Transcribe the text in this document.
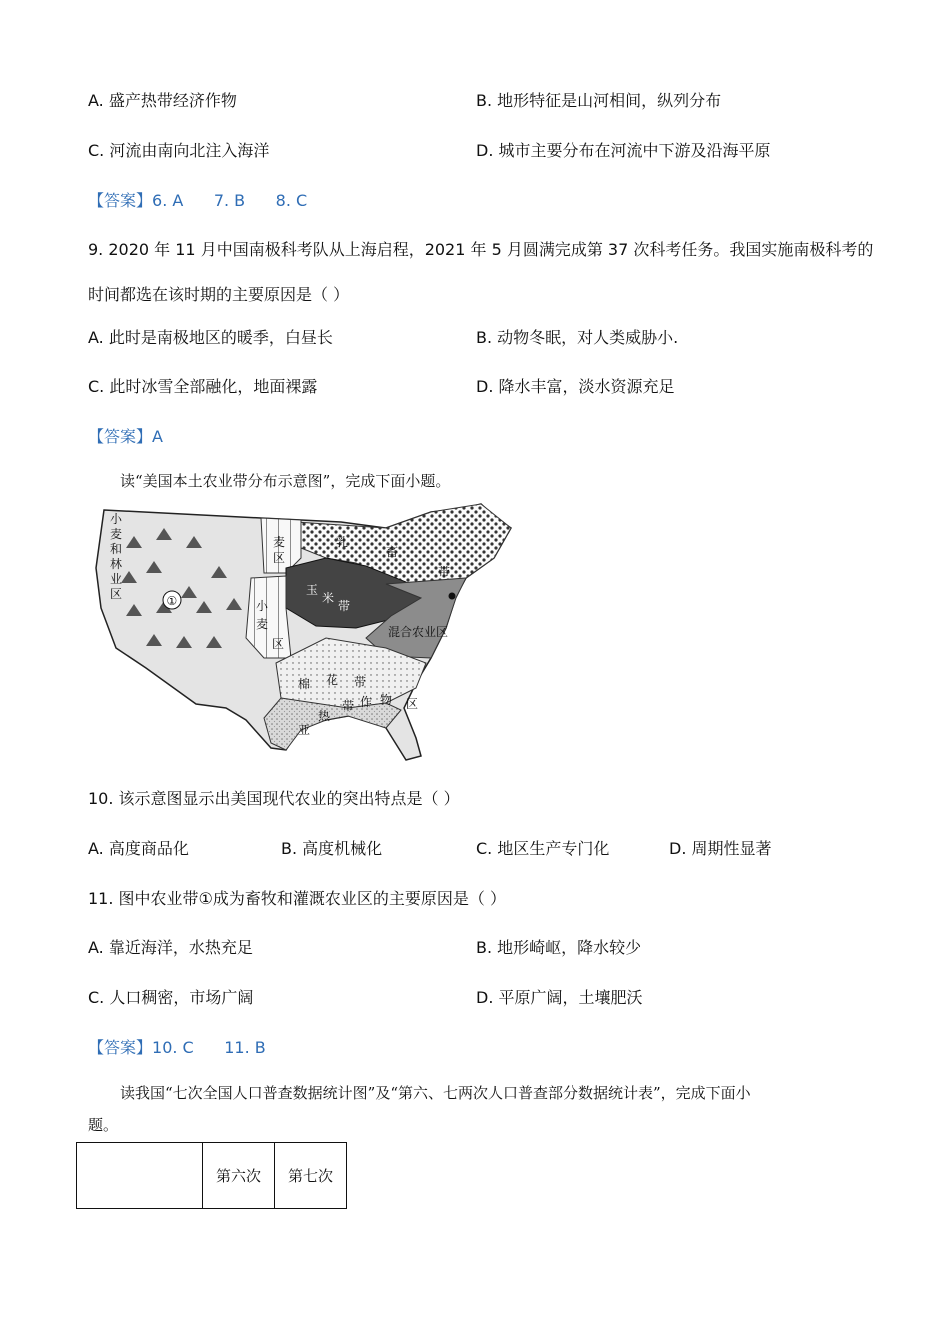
A. 盛产热带经济作物	B. 地形特征是山河相间，纵列分布
C. 河流由南向北注入海洋	D. 城市主要分布在河流中下游及沿海平原
【答案】6. A      7. B      8. C
9. 2020 年 11 月中国南极科考队从上海启程，2021 年 5 月圆满完成第 37 次科考任务。我国实施南极科考的
时间都选在该时期的主要原因是（ ）
A. 此时是南极地区的暖季，白昼长	B. 动物冬眠，对人类威胁小.
C. 此时冰雪全部融化，地面裸露	D. 降水丰富，淡水资源充足
【答案】A
读“美国本土农业带分布示意图”，完成下面小题。
①
小
麦
和
林
业
区
麦
区
乳
畜
带
玉
米
带
小
麦
区
混合农业区
棉 花 带
亚
热
带 作 物 区
10. 该示意图显示出美国现代农业的突出特点是（ ）
A. 高度商品化	B. 高度机械化	C. 地区生产专门化	D. 周期性显著
11. 图中农业带①成为畜牧和灌溉农业区的主要原因是（ ）
A. 靠近海洋，水热充足	B. 地形崎岖，降水较少
C. 人口稠密，市场广阔	D. 平原广阔，土壤肥沃
【答案】10. C      11. B
读我国“七次全国人口普查数据统计图”及“第六、七两次人口普查部分数据统计表”，完成下面小
题。
	第六次	第七次
